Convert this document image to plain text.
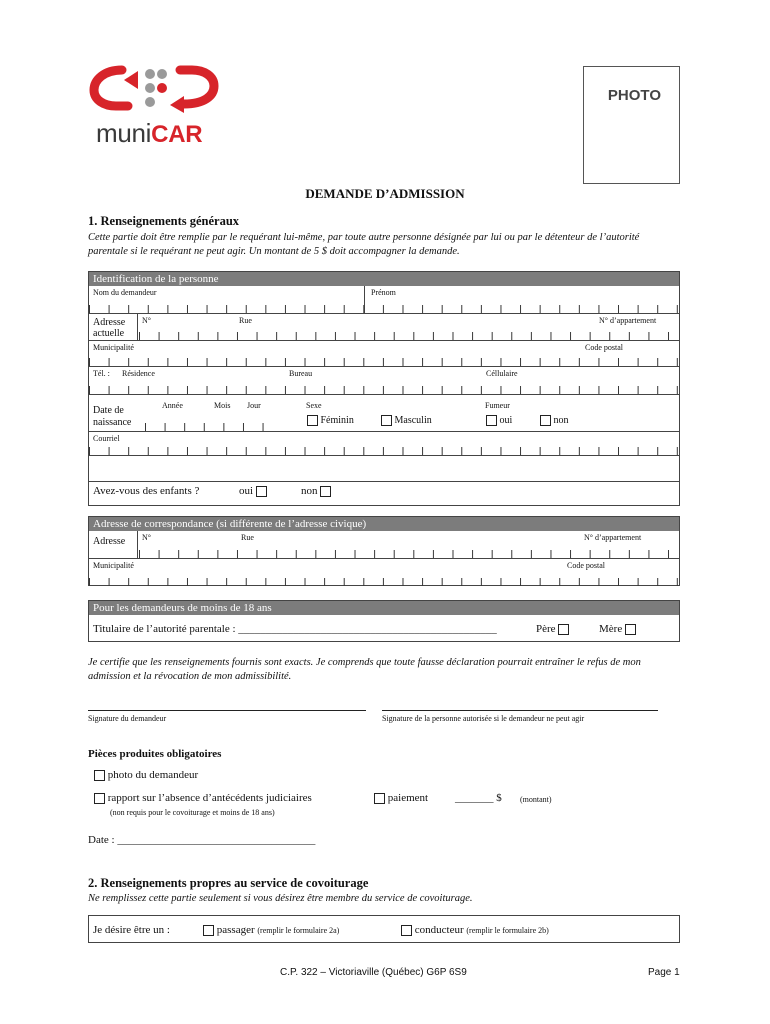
muniCAR
PHOTO
DEMANDE D’ADMISSION
1. Renseignements généraux
Cette partie doit être remplie par le requérant lui-même, par toute autre personne désignée par lui ou par le détenteur de l’autorité parentale si le requérant ne peut agir. Un montant de 5 $ doit accompagner la demande.
Identification de la personne
Nom du demandeur	Prénom
Adresse actuelle
N°	Rue	N° d’appartement
Municipalité	Code postal
Tél. : Résidence	Bureau	Céllulaire
Date de naissance
Année	Mois Jour	Sexe	Fumeur
Féminin	Masculin	oui	non
Courriel
Avez-vous des enfants ?	oui	non
Adresse de correspondance (si différente de l’adresse civique)
Adresse N°	Rue	N° d’appartement
Municipalité	Code postal
Pour les demandeurs de moins de 18 ans
Titulaire de l’autorité parentale : _______________________________________________	Père	Mère
Je certifie que les renseignements fournis sont exacts. Je comprends que toute fausse déclaration pourrait entraîner le refus de mon admission et la révocation de mon admissibilité.
Signature du demandeur	Signature de la personne autorisée si le demandeur ne peut agir
Pièces produites obligatoires
photo du demandeur
rapport sur l’absence d’antécédents judiciaires
(non requis pour le covoiturage et moins de 18 ans)
paiement _______ $ (montant)
Date : ____________________________________
2. Renseignements propres au service de covoiturage
Ne remplissez cette partie seulement si vous désirez être membre du service de covoiturage.
Je désire être un :	passager (remplir le formulaire 2a)	conducteur (remplir le formulaire 2b)
C.P. 322 – Victoriaville (Québec) G6P 6S9	Page 1
